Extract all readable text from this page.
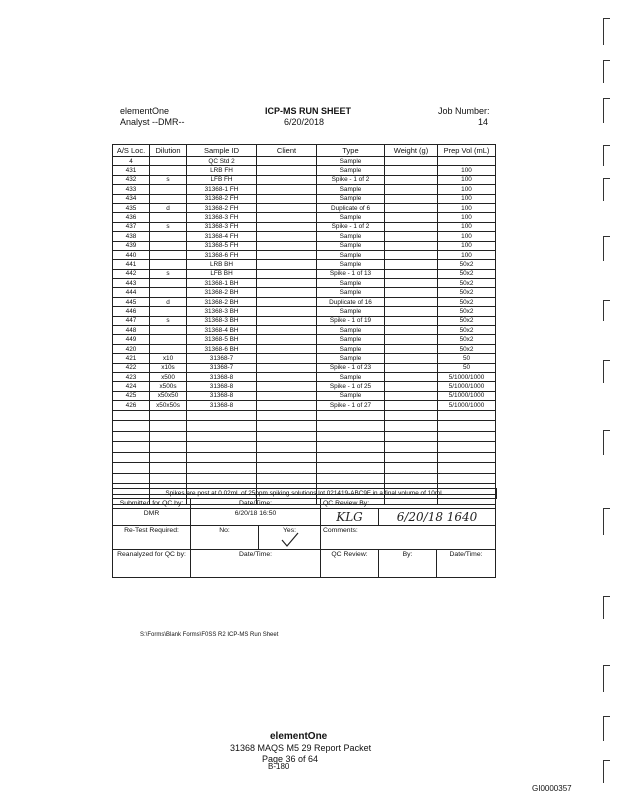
elementOne
Analyst --DMR--
ICP-MS RUN SHEET
6/20/2018
Job Number:
14
A/S Loc.	Dilution	Sample ID	Client	Type	Weight (g)	Prep Vol (mL)
4		QC Std 2		Sample		
431		LRB FH		Sample		100
432	s	LFB FH		Spike - 1 of 2		100
433		31368-1 FH		Sample		100
434		31368-2 FH		Sample		100
435	d	31368-2 FH		Duplicate of 6		100
436		31368-3 FH		Sample		100
437	s	31368-3 FH		Spike - 1 of 2		100
438		31368-4 FH		Sample		100
439		31368-5 FH		Sample		100
440		31368-6 FH		Sample		100
441		LRB BH		Sample		50x2
442	s	LFB BH		Spike - 1 of 13		50x2
443		31368-1 BH		Sample		50x2
444		31368-2 BH		Sample		50x2
445	d	31368-2 BH		Duplicate of 16		50x2
446		31368-3 BH		Sample		50x2
447	s	31368-3 BH		Spike - 1 of 19		50x2
448		31368-4 BH		Sample		50x2
449		31368-5 BH		Sample		50x2
420		31368-6 BH		Sample		50x2
421	x10	31368-7		Sample		50
422	x10s	31368-7		Spike - 1 of 23		50
423	x500	31368-8		Sample		5/1000/1000
424	x500s	31368-8		Spike - 1 of 25		5/1000/1000
425	x50x50	31368-8		Sample		5/1000/1000
426	x50x50s	31368-8		Spike - 1 of 27		5/1000/1000

Spikes are post at 0.02mL of 25ppm spiking solutions lot 021419-ABC9F in a final volume of 10mL
Submitted for QC by:	Date/Time:		QC Review By:		
DMR	6/20/18 16:50		KLG	6/20/18 1640	
Re-Test Required:	No:	Yes:	Comments:		
Reanalyzed for QC by:	Date/Time:		QC Review:	By:	Date/Time:
S:\Forms\Blank Forms\F0SS R2 ICP-MS Run Sheet
elementOne
31368 MAQS M5 29 Report Packet
Page 36 of 64
B-180
GI0000357
